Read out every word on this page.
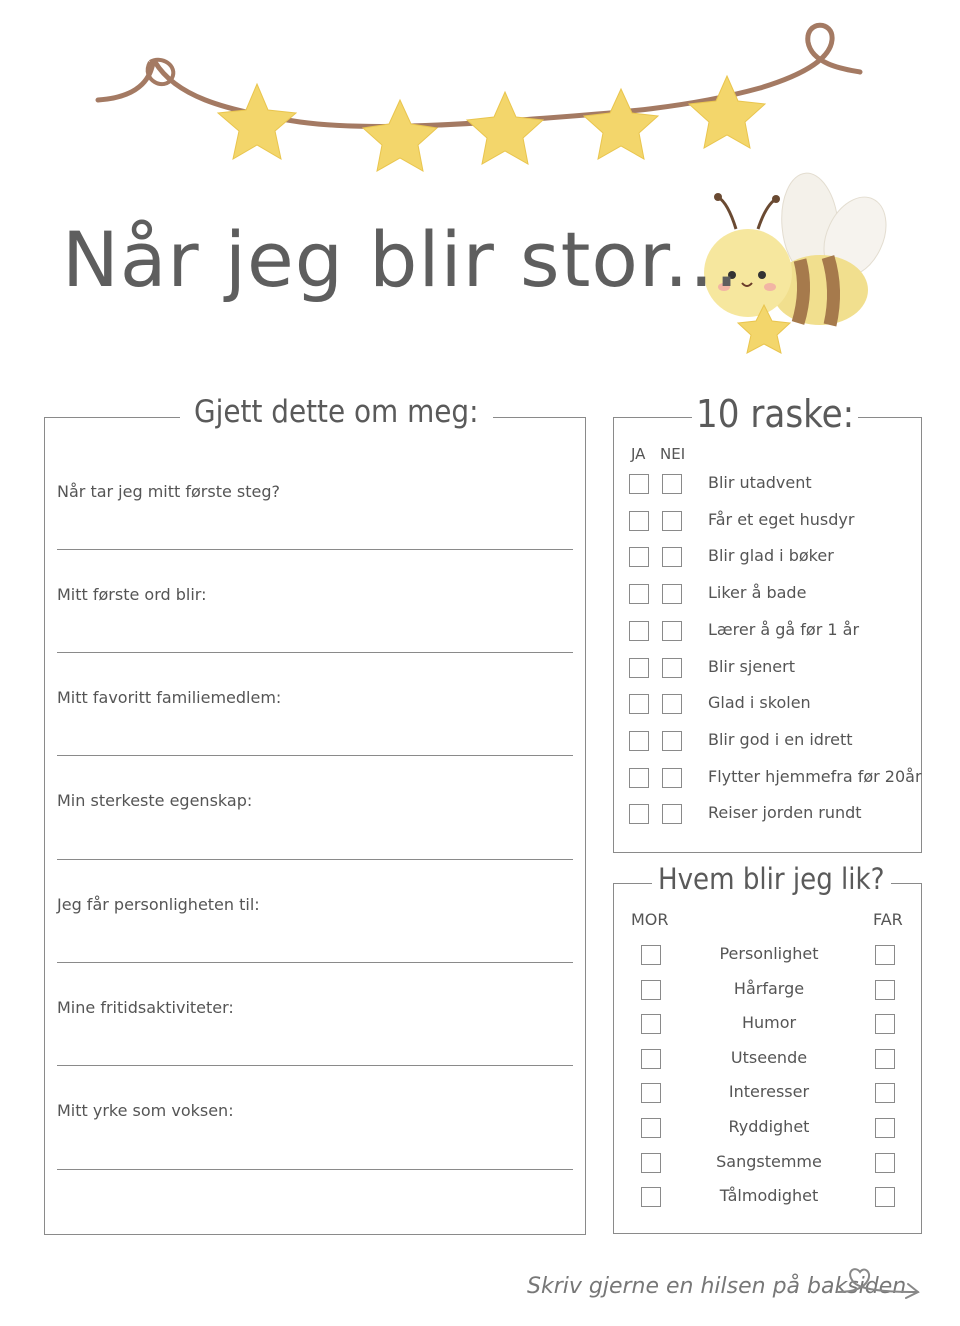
Når jeg blir stor...
Gjett dette om meg:
Når tar jeg mitt første steg?
Mitt første ord blir:
Mitt favoritt familiemedlem:
Min sterkeste egenskap:
Jeg får personligheten til:
Mine fritidsaktiviteter:
Mitt yrke som voksen:
10 raske:
JA NEI
Blir utadvent
Får et eget husdyr
Blir glad i bøker
Liker å bade
Lærer å gå før 1 år
Blir sjenert
Glad i skolen
Blir god i en idrett
Flytter hjemmefra før 20år
Reiser jorden rundt
Hvem blir jeg lik?
MOR	FAR
Personlighet
Hårfarge
Humor
Utseende
Interesser
Ryddighet
Sangstemme
Tålmodighet
Skriv gjerne en hilsen på baksiden
